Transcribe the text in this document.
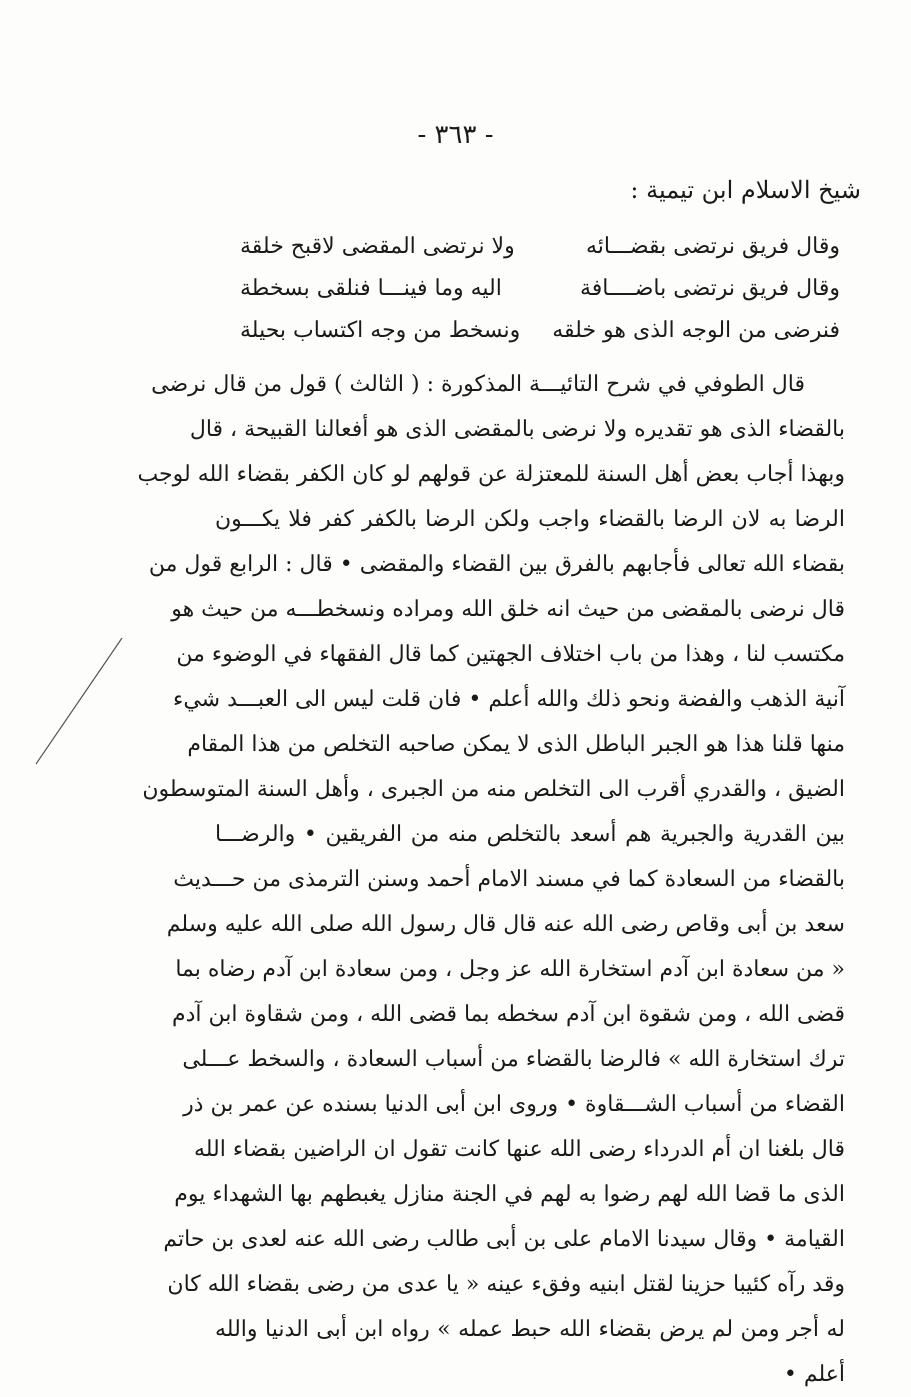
- ٣٦٣ -
شيخ الاسلام ابن تيمية :
وقال فريق نرتضى بقضـــائه
ولا نرتضى المقضى لاقبح خلقة
وقال فريق نرتضى باضــــافة
اليه وما فينـــا فنلقى بسخطة
فنرضى من الوجه الذى هو خلقه
ونسخط من وجه اكتساب بحيلة
قال الطوفي في شرح التائيـــة المذكورة : ( الثالث ) قول من قال نرضى
بالقضاء الذى هو تقديره ولا نرضى بالمقضى الذى هو أفعالنا القبيحة ، قال
وبهذا أجاب بعض أهل السنة للمعتزلة عن قولهم لو كان الكفر بقضاء الله لوجب
الرضا به لان الرضا بالقضاء واجب ولكن الرضا بالكفر كفر فلا يكـــون
بقضاء الله تعالى فأجابهم بالفرق بين القضاء والمقضى • قال : الرابع قول من
قال نرضى بالمقضى من حيث انه خلق الله ومراده ونسخطـــه من حيث هو
مكتسب لنا ، وهذا من باب اختلاف الجهتين كما قال الفقهاء في الوضوء من
آنية الذهب والفضة ونحو ذلك والله أعلم • فان قلت ليس الى العبـــد شيء
منها قلنا هذا هو الجبر الباطل الذى لا يمكن صاحبه التخلص من هذا المقام
الضيق ، والقدري أقرب الى التخلص منه من الجبرى ، وأهل السنة المتوسطون
بين القدرية والجبرية هم أسعد بالتخلص منه من الفريقين • والرضـــا
بالقضاء من السعادة كما في مسند الامام أحمد وسنن الترمذى من حـــديث
سعد بن أبى وقاص رضى الله عنه قال قال رسول الله صلى الله عليه وسلم
« من سعادة ابن آدم استخارة الله عز وجل ، ومن سعادة ابن آدم رضاه بما
قضى الله ، ومن شقوة ابن آدم سخطه بما قضى الله ، ومن شقاوة ابن آدم
ترك استخارة الله » فالرضا بالقضاء من أسباب السعادة ، والسخط عـــلى
القضاء من أسباب الشـــقاوة • وروى ابن أبى الدنيا بسنده عن عمر بن ذر
قال بلغنا ان أم الدرداء رضى الله عنها كانت تقول ان الراضين بقضاء الله
الذى ما قضا الله لهم رضوا به لهم في الجنة منازل يغبطهم بها الشهداء يوم
القيامة • وقال سيدنا الامام على بن أبى طالب رضى الله عنه لعدى بن حاتم
وقد رآه كئيبا حزينا لقتل ابنيه وفقء عينه « يا عدى من رضى بقضاء الله كان
له أجر ومن لم يرض بقضاء الله حبط عمله » رواه ابن أبى الدنيا والله
أعلم •
